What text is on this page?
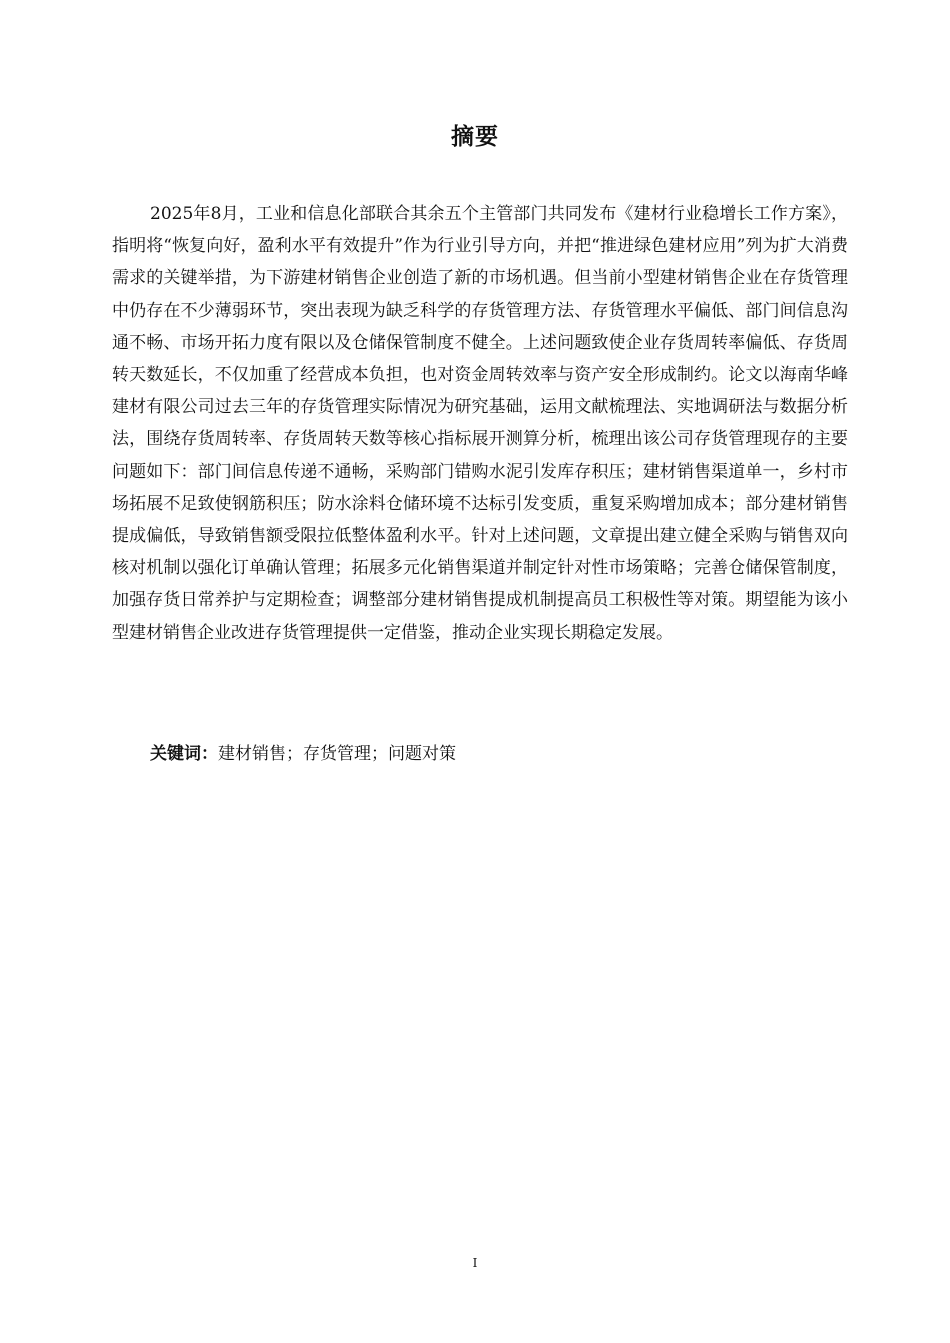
摘要

2025年8月，工业和信息化部联合其余五个主管部门共同发布《建材行业稳增长工作方案》，指明将“恢复向好，盈利水平有效提升”作为行业引导方向，并把“推进绿色建材应用”列为扩大消费需求的关键举措，为下游建材销售企业创造了新的市场机遇。但当前小型建材销售企业在存货管理中仍存在不少薄弱环节，突出表现为缺乏科学的存货管理方法、存货管理水平偏低、部门间信息沟通不畅、市场开拓力度有限以及仓储保管制度不健全。上述问题致使企业存货周转率偏低、存货周转天数延长，不仅加重了经营成本负担，也对资金周转效率与资产安全形成制约。论文以海南华峰建材有限公司过去三年的存货管理实际情况为研究基础，运用文献梳理法、实地调研法与数据分析法，围绕存货周转率、存货周转天数等核心指标展开测算分析，梳理出该公司存货管理现存的主要问题如下：部门间信息传递不通畅，采购部门错购水泥引发库存积压；建材销售渠道单一，乡村市场拓展不足致使钢筋积压；防水涂料仓储环境不达标引发变质，重复采购增加成本；部分建材销售提成偏低，导致销售额受限拉低整体盈利水平。针对上述问题，文章提出建立健全采购与销售双向核对机制以强化订单确认管理；拓展多元化销售渠道并制定针对性市场策略；完善仓储保管制度，加强存货日常养护与定期检查；调整部分建材销售提成机制提高员工积极性等对策。期望能为该小型建材销售企业改进存货管理提供一定借鉴，推动企业实现长期稳定发展。

关键词：建材销售；存货管理；问题对策
I
